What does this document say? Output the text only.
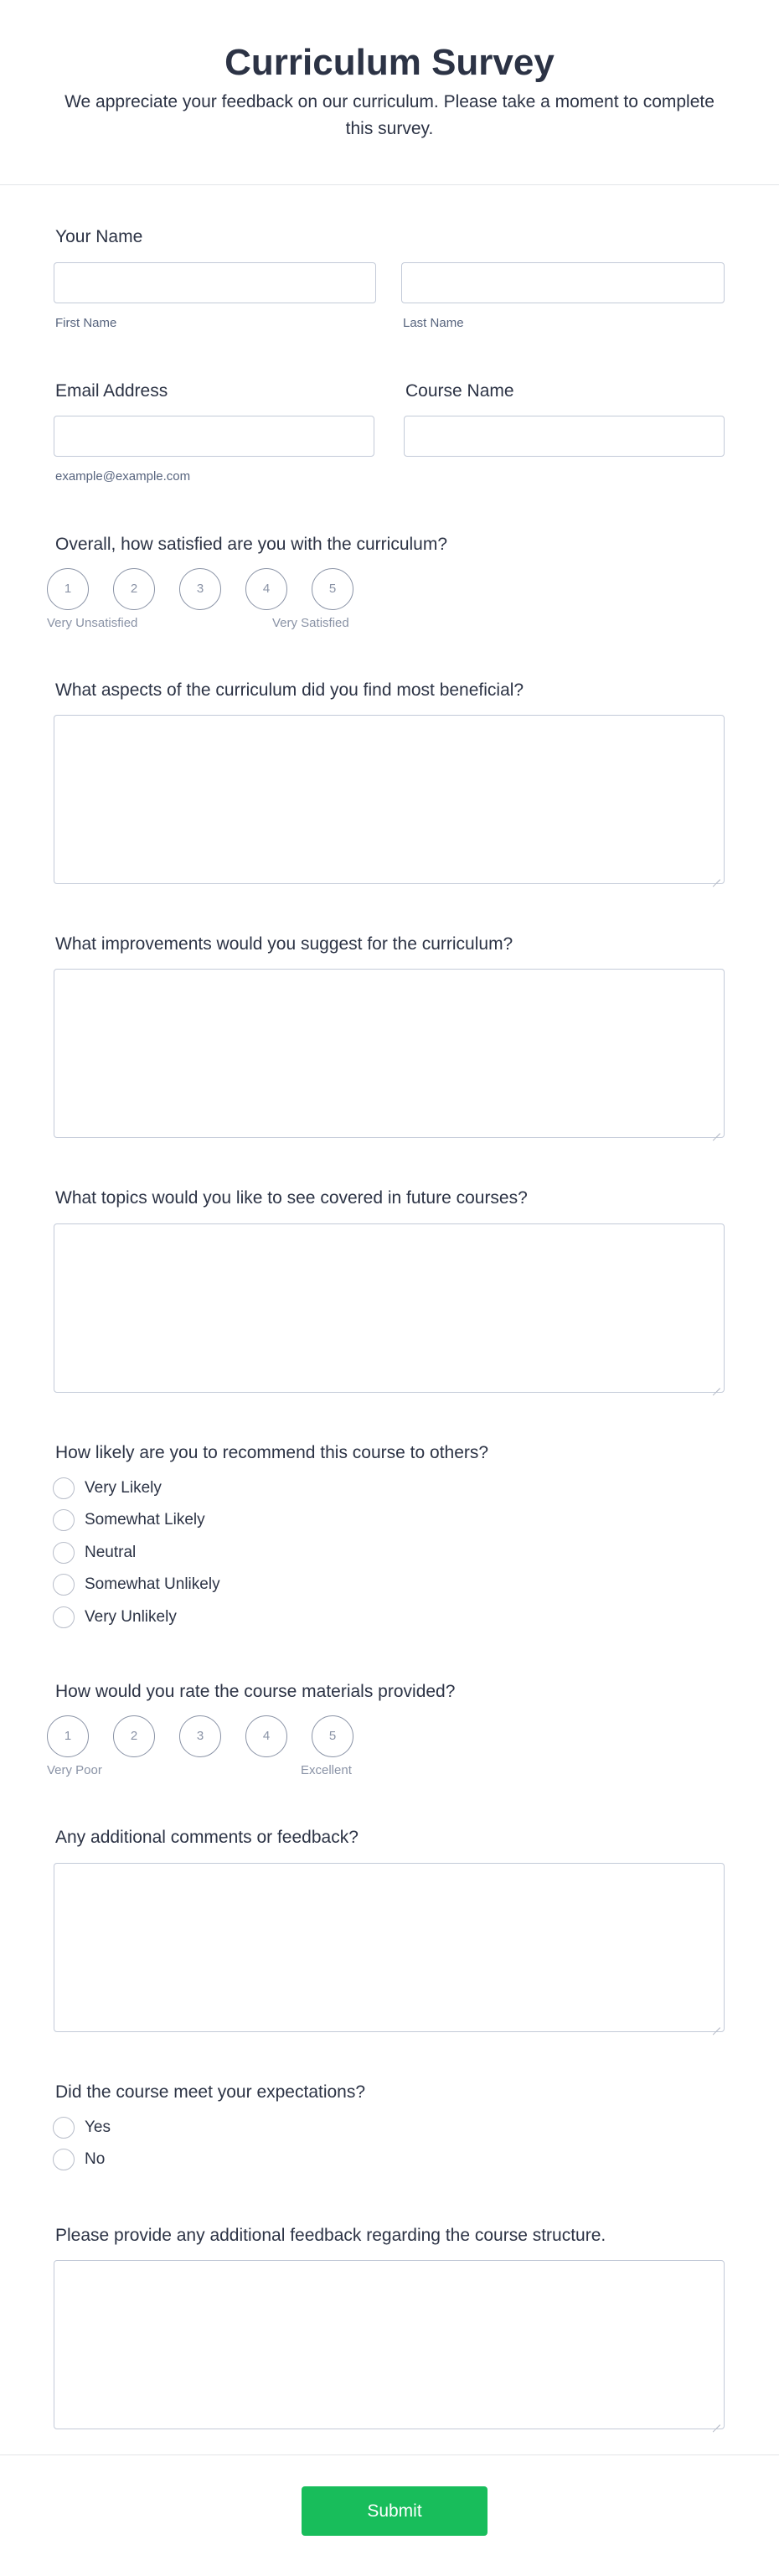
Curriculum Survey
We appreciate your feedback on our curriculum. Please take a moment to complete this survey.
Your Name
First Name	Last Name
Email Address	Course Name
example@example.com
Overall, how satisfied are you with the curriculum?
1	2	3	4	5
Very Unsatisfied	Very Satisfied
What aspects of the curriculum did you find most beneficial?
What improvements would you suggest for the curriculum?
What topics would you like to see covered in future courses?
How likely are you to recommend this course to others?
Very Likely
Somewhat Likely
Neutral
Somewhat Unlikely
Very Unlikely
How would you rate the course materials provided?
1	2	3	4	5
Very Poor	Excellent
Any additional comments or feedback?
Did the course meet your expectations?
Yes
No
Please provide any additional feedback regarding the course structure.
Submit
